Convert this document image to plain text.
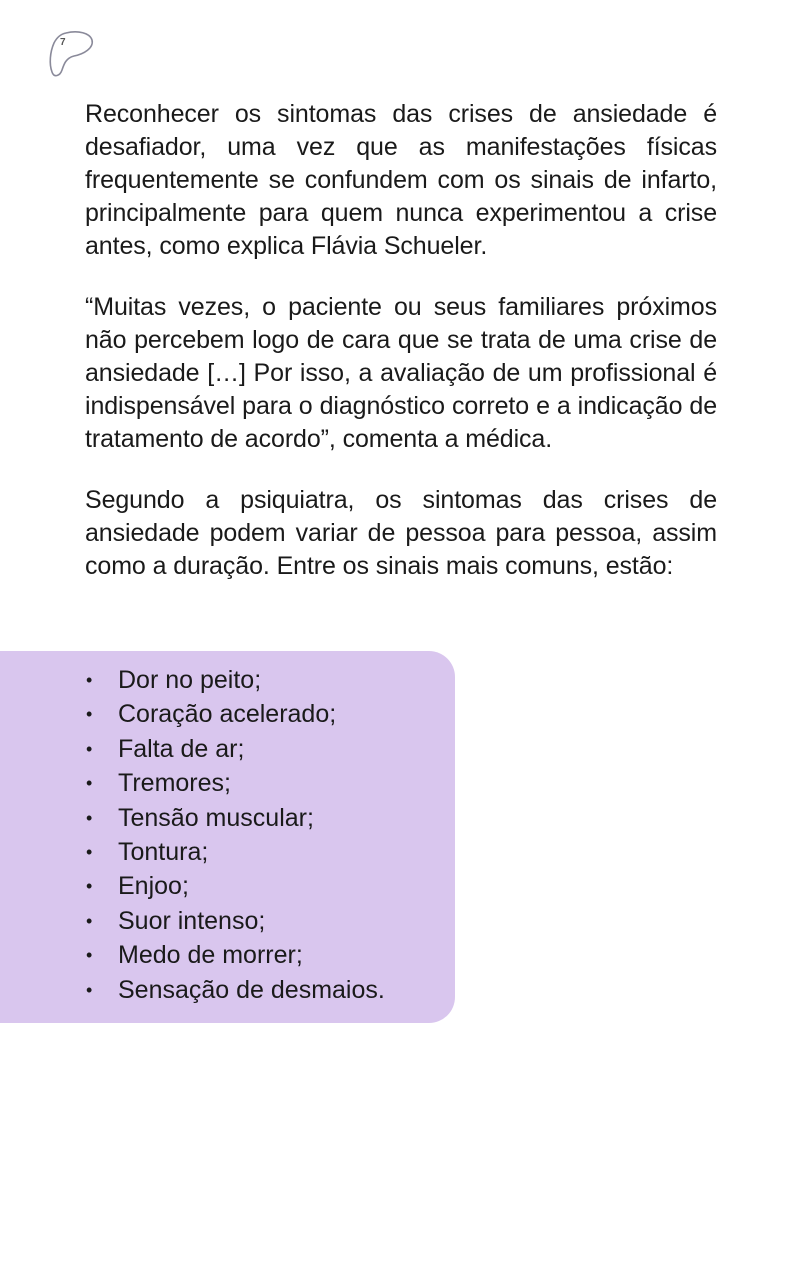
7

Reconhecer os sintomas das crises de ansiedade é desafiador, uma vez que as manifestações físicas frequentemente se confundem com os sinais de infarto, principalmente para quem nunca experimentou a crise antes, como explica Flávia Schueler.

“Muitas vezes, o paciente ou seus familiares próximos não percebem logo de cara que se trata de uma crise de ansiedade […] Por isso, a avaliação de um profissional é indispensável para o diagnóstico correto e a indicação de tratamento de acordo”, comenta a médica.

Segundo a psiquiatra, os sintomas das crises de ansiedade podem variar de pessoa para pessoa, assim como a duração. Entre os sinais mais comuns, estão:

•	Dor no peito;
•	Coração acelerado;
•	Falta de ar;
•	Tremores;
•	Tensão muscular;
•	Tontura;
•	Enjoo;
•	Suor intenso;
•	Medo de morrer;
•	Sensação de desmaios.
